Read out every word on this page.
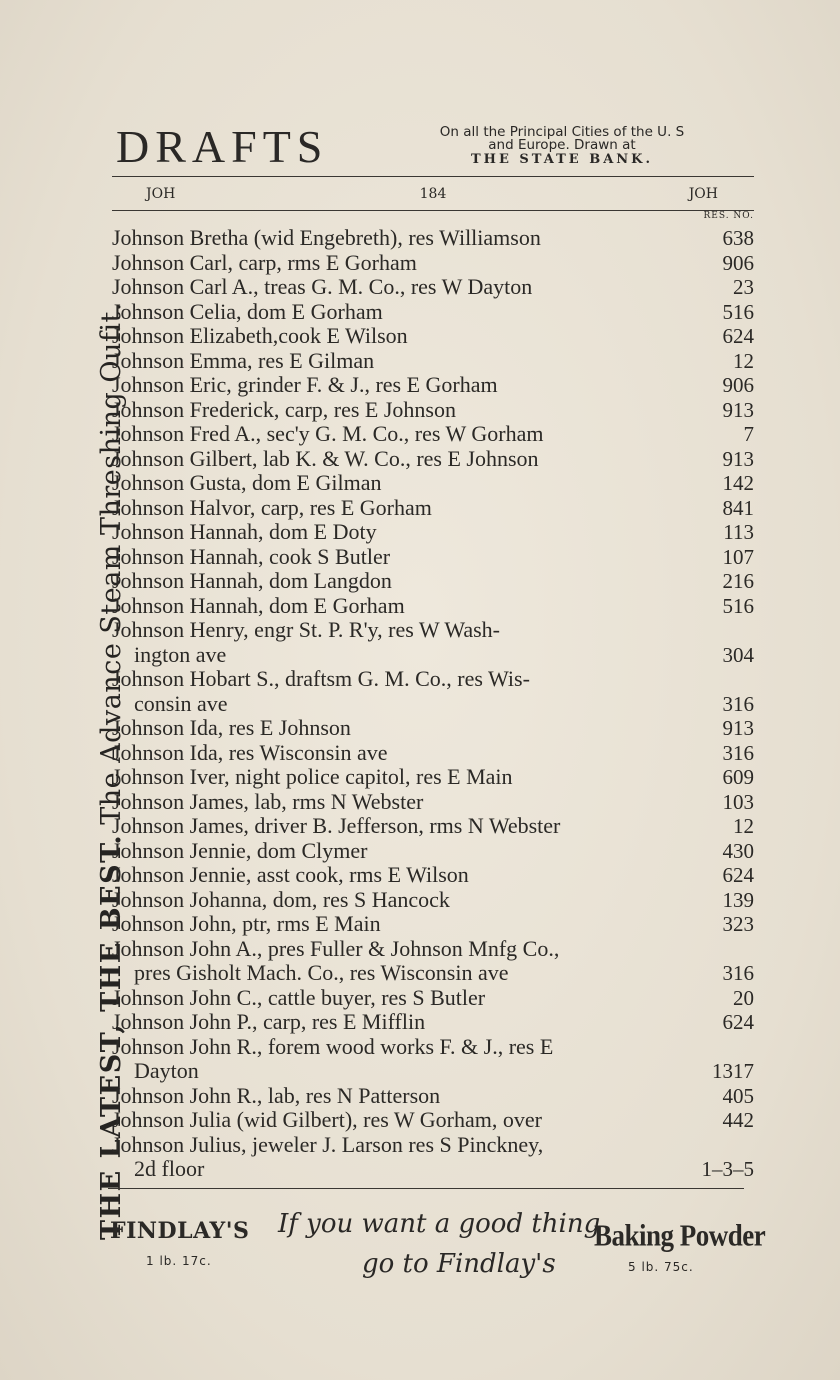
THE LATEST, THE BEST. The Advance Steam Threshing Oufit.
DRAFTS	On all the Principal Cities of the U. S
and Europe. Drawn at
THE STATE BANK.
JOH	184	JOH
RES. NO.
Johnson Bretha (wid Engebreth), res Williamson	638
Johnson Carl, carp, rms E Gorham	906
Johnson Carl A., treas G. M. Co., res W Dayton	23
Johnson Celia, dom E Gorham	516
Johnson Elizabeth,cook E Wilson	624
Johnson Emma, res E Gilman	12
Johnson Eric, grinder F. & J., res E Gorham	906
Johnson Frederick, carp, res E Johnson	913
Johnson Fred A., sec'y G. M. Co., res W Gorham	7
Johnson Gilbert, lab K. & W. Co., res E Johnson	913
Johnson Gusta, dom E Gilman	142
Johnson Halvor, carp, res E Gorham	841
Johnson Hannah, dom E Doty	113
Johnson Hannah, cook S Butler	107
Johnson Hannah, dom Langdon	216
Johnson Hannah, dom E Gorham	516
Johnson Henry, engr St. P. R'y, res W Wash-
ington ave	304
Johnson Hobart S., draftsm G. M. Co., res Wis-
consin ave	316
Johnson Ida, res E Johnson	913
Johnson Ida, res Wisconsin ave	316
Johnson Iver, night police capitol, res E Main	609
Johnson James, lab, rms N Webster	103
Johnson James, driver B. Jefferson, rms N Webster	12
Johnson Jennie, dom Clymer	430
Johnson Jennie, asst cook, rms E Wilson	624
Johnson Johanna, dom, res S Hancock	139
Johnson John, ptr, rms E Main	323
Johnson John A., pres Fuller & Johnson Mnfg Co.,
pres Gisholt Mach. Co., res Wisconsin ave	316
Johnson John C., cattle buyer, res S Butler	20
Johnson John P., carp, res E Mifflin	624
Johnson John R., forem wood works F. & J., res E
Dayton	1317
Johnson John R., lab, res N Patterson	405
Johnson Julia (wid Gilbert), res W Gorham, over	442
Johnson Julius, jeweler J. Larson res S Pinckney,
2d floor	1–3–5
FINDLAY'S
1 lb. 17c.
If you want a good thing
go to Findlay's
Baking Powder
5 lb. 75c.
